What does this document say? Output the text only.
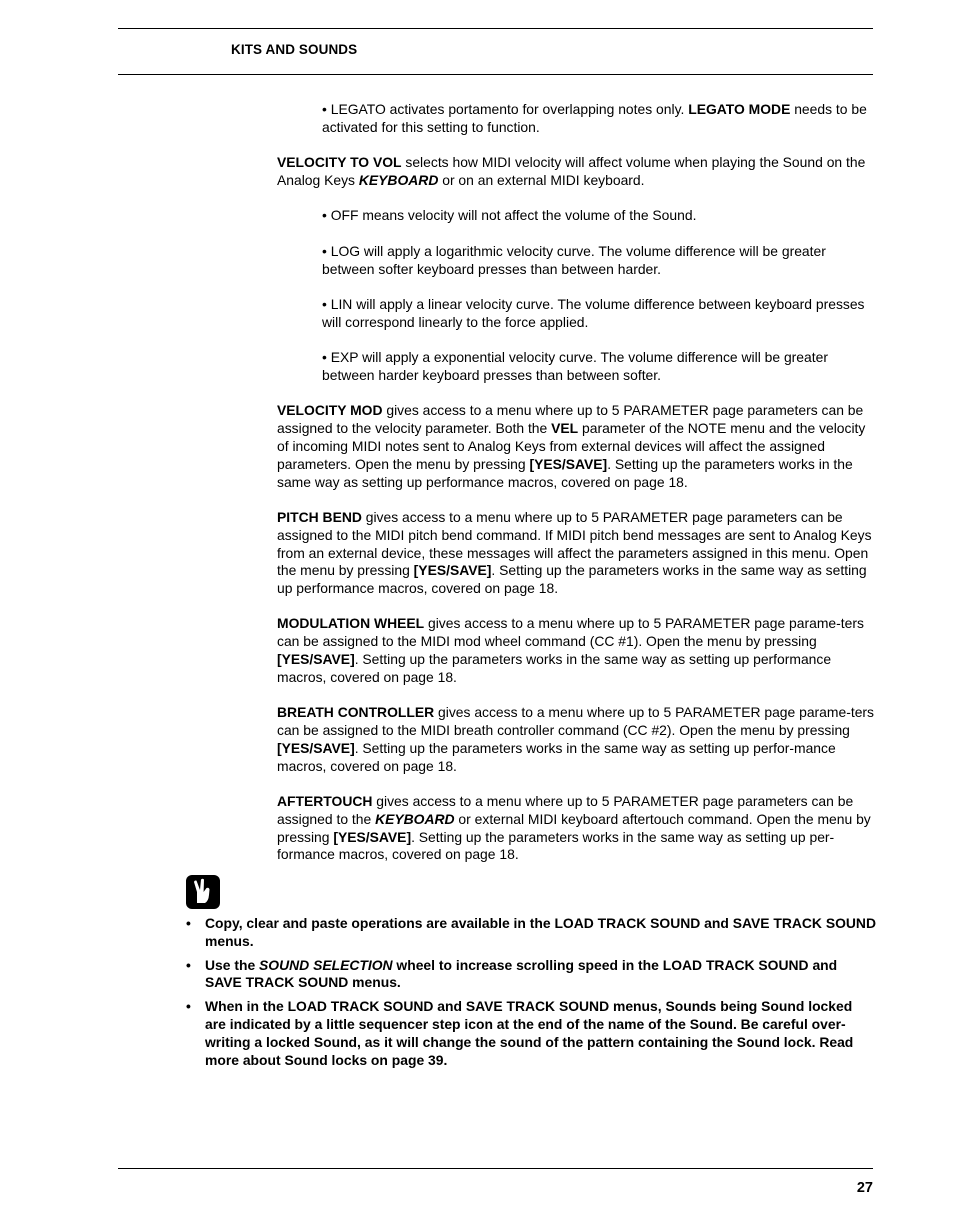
KITS AND SOUNDS

• LEGATO activates portamento for overlapping notes only. LEGATO MODE needs to be activated for this setting to function.

VELOCITY TO VOL selects how MIDI velocity will affect volume when playing the Sound on the Analog Keys KEYBOARD or on an external MIDI keyboard.

• OFF means velocity will not affect the volume of the Sound.

• LOG will apply a logarithmic velocity curve. The volume difference will be greater between softer keyboard presses than between harder.

• LIN will apply a linear velocity curve. The volume difference between keyboard presses will correspond linearly to the force applied.

• EXP will apply a exponential velocity curve. The volume difference will be greater between harder keyboard presses than between softer.

VELOCITY MOD gives access to a menu where up to 5 PARAMETER page parameters can be assigned to the velocity parameter. Both the VEL parameter of the NOTE menu and the velocity of incoming MIDI notes sent to Analog Keys from external devices will affect the assigned parameters. Open the menu by pressing [YES/SAVE]. Setting up the parameters works in the same way as setting up performance macros, covered on page 18.

PITCH BEND gives access to a menu where up to 5 PARAMETER page parameters can be assigned to the MIDI pitch bend command. If MIDI pitch bend messages are sent to Analog Keys from an external device, these messages will affect the parameters assigned in this menu. Open the menu by pressing [YES/SAVE]. Setting up the parameters works in the same way as setting up performance macros, covered on page 18.

MODULATION WHEEL gives access to a menu where up to 5 PARAMETER page parame-ters can be assigned to the MIDI mod wheel command (CC #1). Open the menu by pressing [YES/SAVE]. Setting up the parameters works in the same way as setting up performance macros, covered on page 18.

BREATH CONTROLLER gives access to a menu where up to 5 PARAMETER page parame-ters can be assigned to the MIDI breath controller command (CC #2). Open the menu by pressing [YES/SAVE]. Setting up the parameters works in the same way as setting up perfor-mance macros, covered on page 18.

AFTERTOUCH gives access to a menu where up to 5 PARAMETER page parameters can be assigned to the KEYBOARD or external MIDI keyboard aftertouch command. Open the menu by pressing [YES/SAVE]. Setting up the parameters works in the same way as setting up per-formance macros, covered on page 18.

• Copy, clear and paste operations are available in the LOAD TRACK SOUND and SAVE TRACK SOUND menus.
• Use the SOUND SELECTION wheel to increase scrolling speed in the LOAD TRACK SOUND and SAVE TRACK SOUND menus.
• When in the LOAD TRACK SOUND and SAVE TRACK SOUND menus, Sounds being Sound locked are indicated by a little sequencer step icon at the end of the name of the Sound. Be careful over-writing a locked Sound, as it will change the sound of the pattern containing the Sound lock. Read more about Sound locks on page 39.
27
